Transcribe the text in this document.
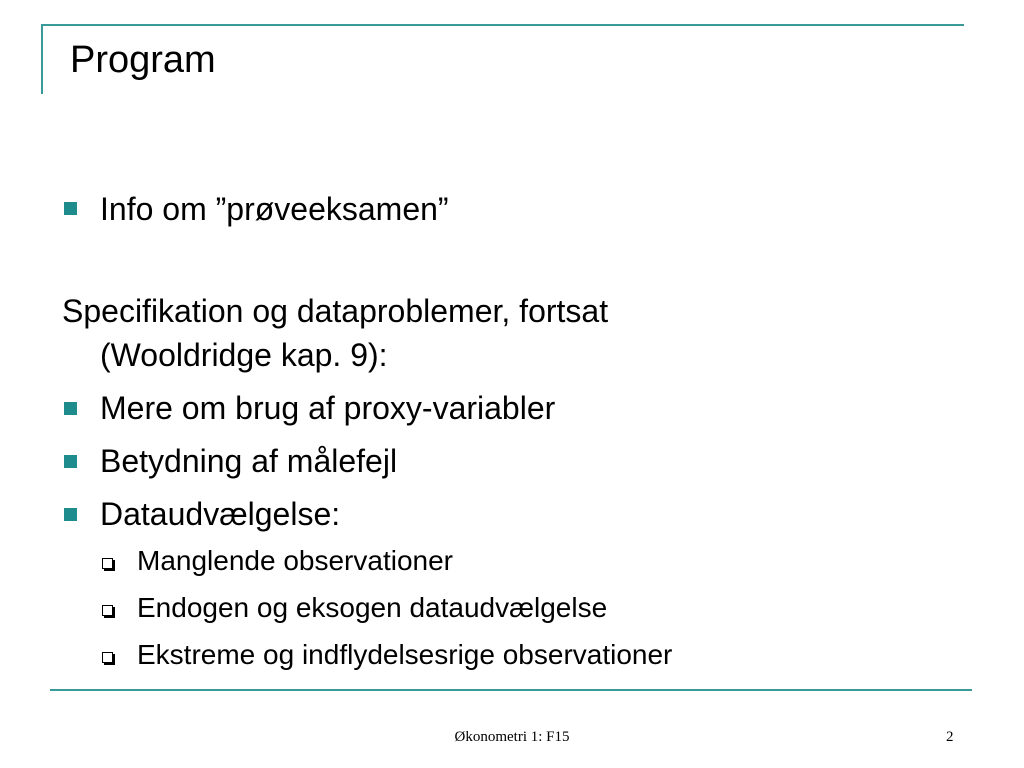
Program
Info om ”prøveeksamen”
Specifikation og dataproblemer, fortsat
(Wooldridge kap. 9):
Mere om brug af proxy-variabler
Betydning af målefejl
Dataudvælgelse:
Manglende observationer
Endogen og eksogen dataudvælgelse
Ekstreme og indflydelsesrige observationer
Økonometri 1: F15	2
